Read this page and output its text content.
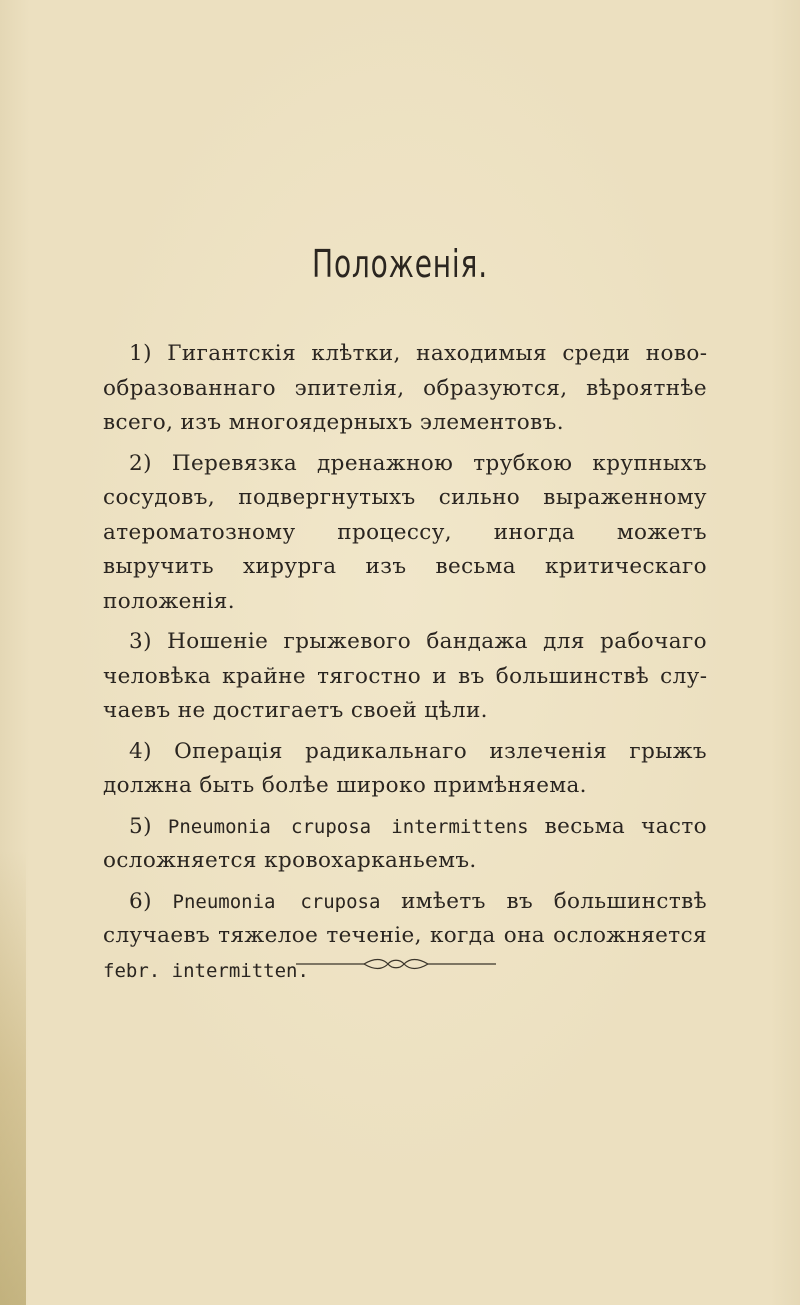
Положенія.

1) Гигантскія клѣтки, находимыя среди новообразованнаго эпителія, образуются, вѣроятнѣе всего, изъ многоядерныхъ элементовъ.

2) Перевязка дренажною трубкою крупныхъ сосудовъ, подвергнутыхъ сильно выраженному атероматозному процессу, иногда можетъ выручить хирурга изъ весьма критическаго положенія.

3) Ношеніе грыжевого бандажа для рабочаго человѣка крайне тягостно и въ большинствѣ случаевъ не достигаетъ своей цѣли.

4) Операція радикальнаго излеченія грыжъ должна быть болѣе широко примѣняема.

5) Pneumonia cruposa intermittens весьма часто осложняется кровохарканьемъ.

6) Pneumonia cruposa имѣетъ въ большинствѣ случаевъ тяжелое теченіе, когда она осложняется febr. intermitten.
